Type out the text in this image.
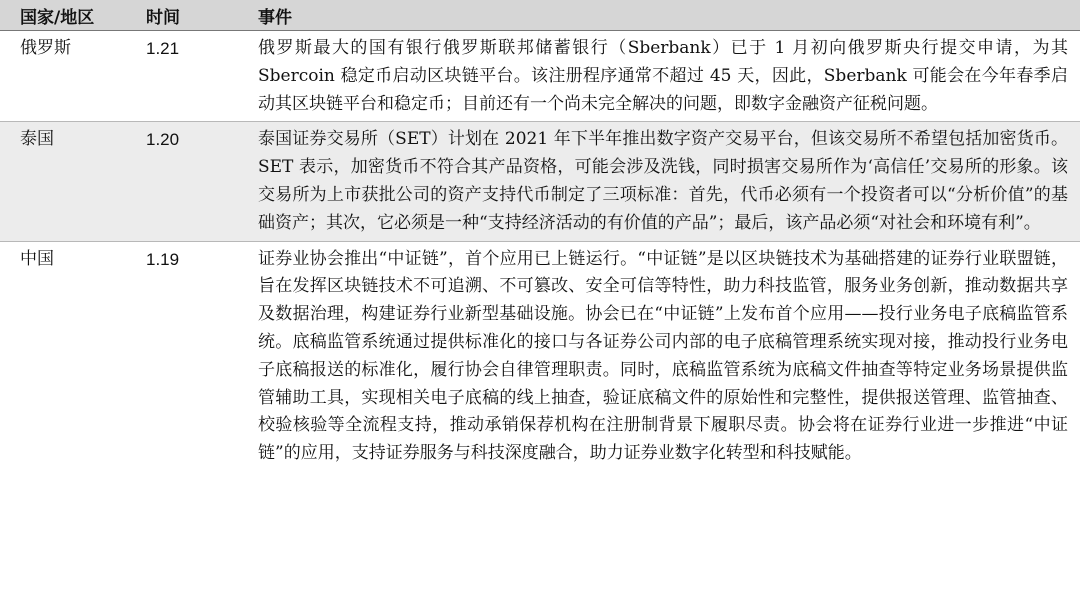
国家/地区	时间	事件
俄罗斯	1.21	俄罗斯最大的国有银行俄罗斯联邦储蓄银行（Sberbank）已于 1 月初向俄罗斯央行提交申请，为其 Sbercoin 稳定币启动区块链平台。该注册程序通常不超过 45 天，因此，Sberbank 可能会在今年春季启动其区块链平台和稳定币；目前还有一个尚未完全解决的问题，即数字金融资产征税问题。
泰国	1.20	泰国证券交易所（SET）计划在 2021 年下半年推出数字资产交易平台，但该交易所不希望包括加密货币。SET 表示，加密货币不符合其产品资格，可能会涉及洗钱，同时损害交易所作为‘高信任’交易所的形象。该交易所为上市获批公司的资产支持代币制定了三项标准：首先，代币必须有一个投资者可以“分析价值”的基础资产；其次，它必须是一种“支持经济活动的有价值的产品”；最后，该产品必须“对社会和环境有利”。
中国	1.19	证券业协会推出“中证链”，首个应用已上链运行。“中证链”是以区块链技术为基础搭建的证券行业联盟链，旨在发挥区块链技术不可追溯、不可篡改、安全可信等特性，助力科技监管，服务业务创新，推动数据共享及数据治理，构建证券行业新型基础设施。协会已在“中证链”上发布首个应用——投行业务电子底稿监管系统。底稿监管系统通过提供标准化的接口与各证券公司内部的电子底稿管理系统实现对接，推动投行业务电子底稿报送的标准化，履行协会自律管理职责。同时，底稿监管系统为底稿文件抽查等特定业务场景提供监管辅助工具，实现相关电子底稿的线上抽查，验证底稿文件的原始性和完整性，提供报送管理、监管抽查、校验核验等全流程支持，推动承销保荐机构在注册制背景下履职尽责。协会将在证券行业进一步推进“中证链”的应用，支持证券服务与科技深度融合，助力证券业数字化转型和科技赋能。
